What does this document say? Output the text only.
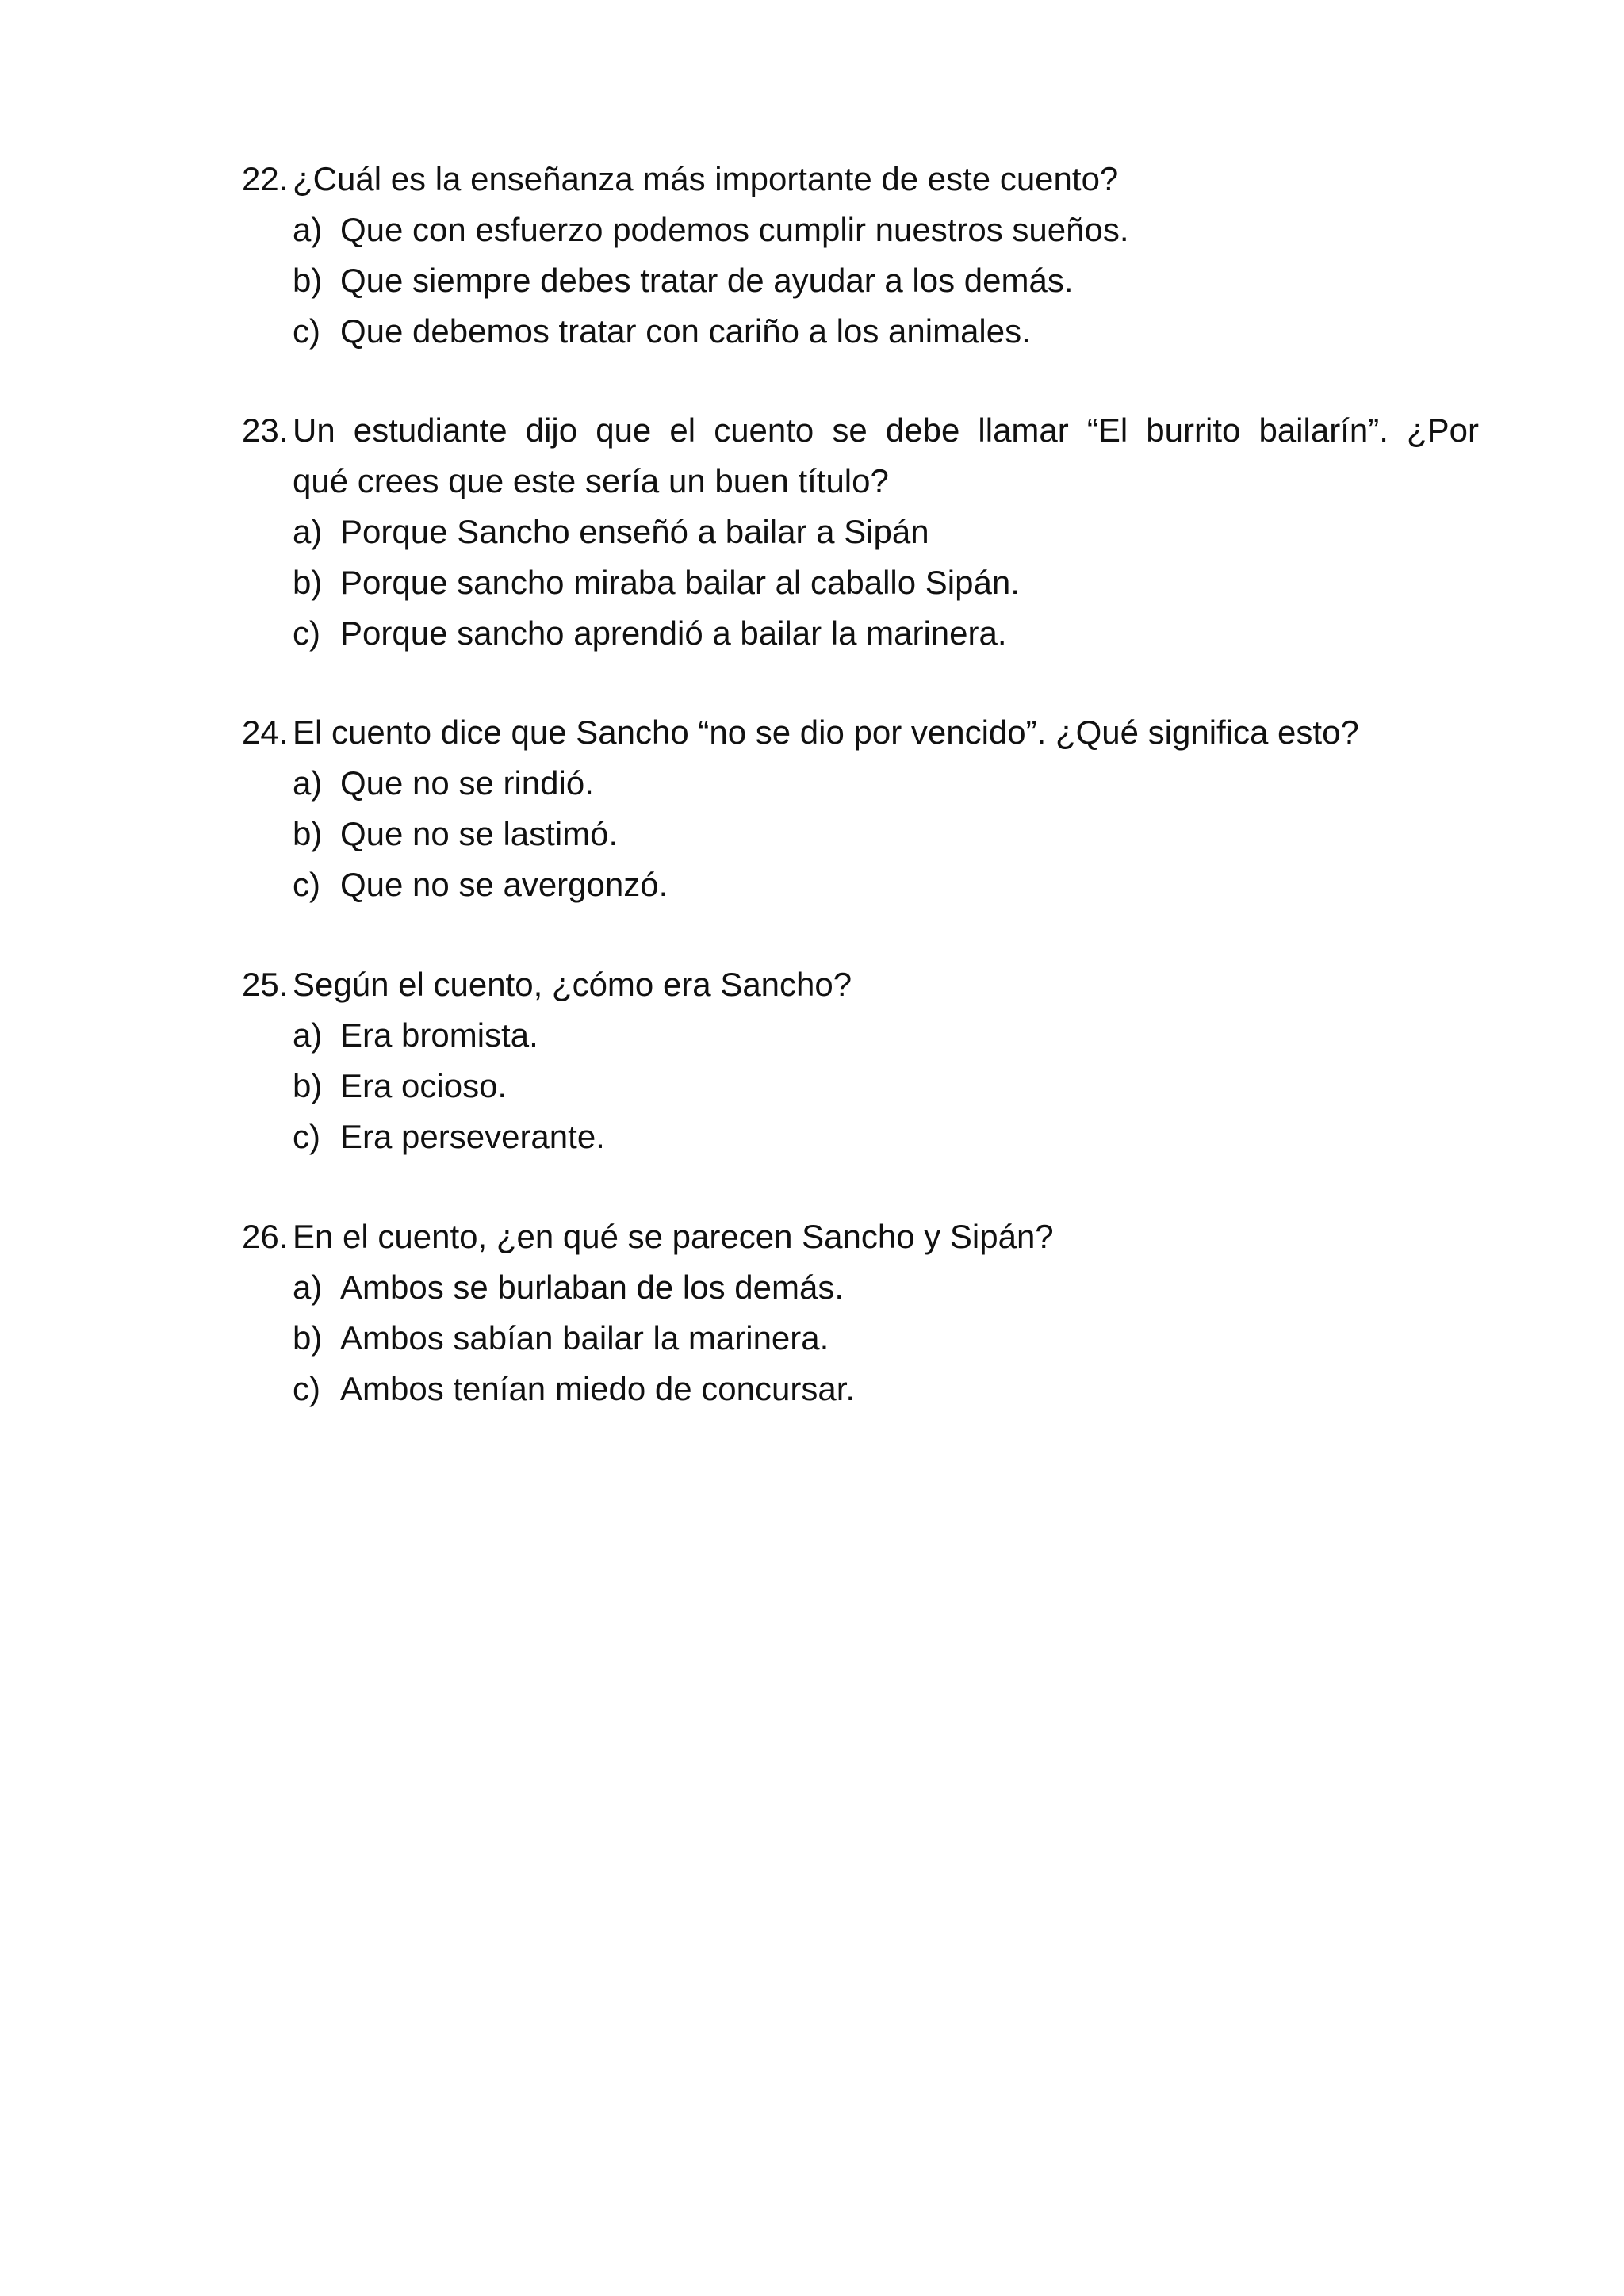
22. ¿Cuál es la enseñanza más importante de este cuento?
a) Que con esfuerzo podemos cumplir nuestros sueños.
b) Que siempre debes tratar de ayudar a los demás.
c) Que debemos tratar con cariño a los animales.
23. Un estudiante dijo que el cuento se debe llamar “El burrito bailarín”. ¿Por
qué crees que este sería un buen título?
a) Porque Sancho enseñó a bailar a Sipán
b) Porque sancho miraba bailar al caballo Sipán.
c) Porque sancho aprendió a bailar la marinera.
24. El cuento dice que Sancho “no se dio por vencido”. ¿Qué significa esto?
a) Que no se rindió.
b) Que no se lastimó.
c) Que no se avergonzó.
25. Según el cuento, ¿cómo era Sancho?
a) Era bromista.
b) Era ocioso.
c) Era perseverante.
26. En el cuento, ¿en qué se parecen Sancho y Sipán?
a) Ambos se burlaban de los demás.
b) Ambos sabían bailar la marinera.
c) Ambos tenían miedo de concursar.
